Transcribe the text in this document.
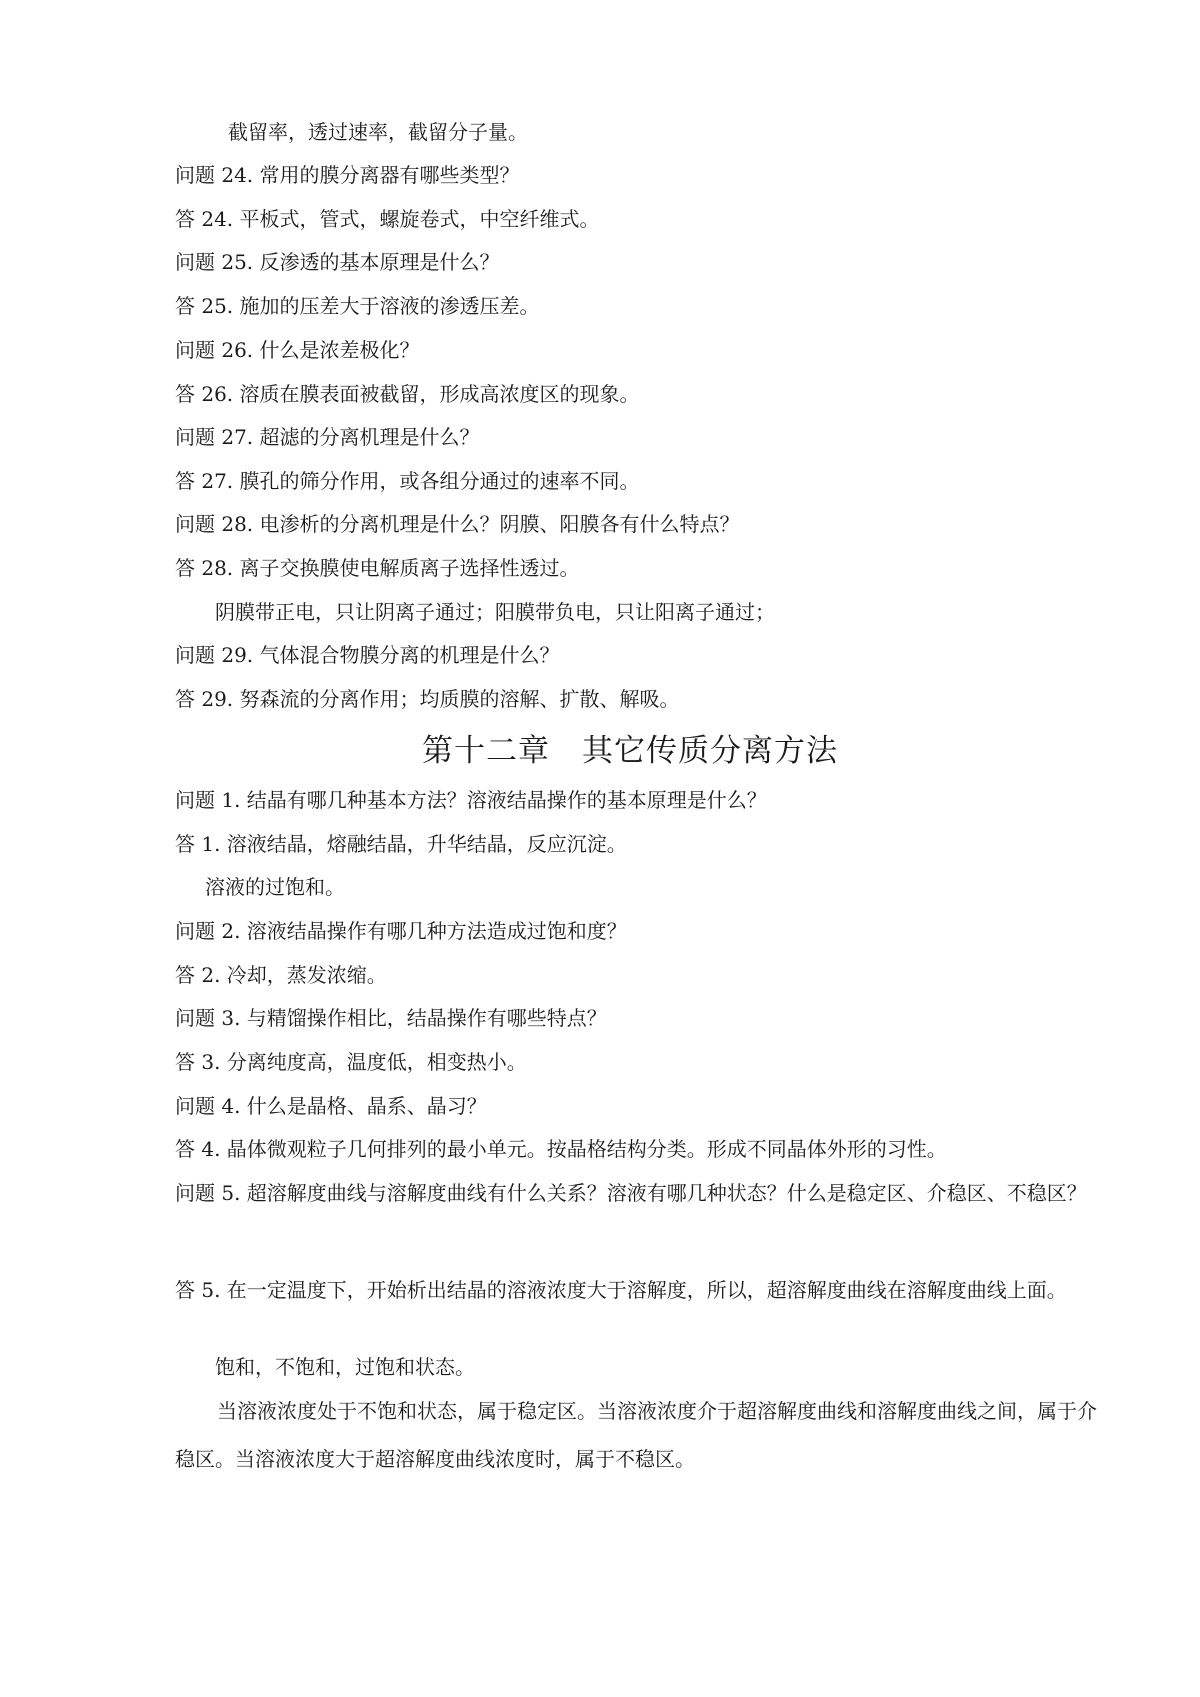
截留率，透过速率，截留分子量。
问题 24. 常用的膜分离器有哪些类型？
答 24. 平板式，管式，螺旋卷式，中空纤维式。
问题 25. 反渗透的基本原理是什么？
答 25. 施加的压差大于溶液的渗透压差。
问题 26. 什么是浓差极化？
答 26. 溶质在膜表面被截留，形成高浓度区的现象。
问题 27. 超滤的分离机理是什么？
答 27. 膜孔的筛分作用，或各组分通过的速率不同。
问题 28. 电渗析的分离机理是什么？阴膜、阳膜各有什么特点？
答 28. 离子交换膜使电解质离子选择性透过。
阴膜带正电，只让阴离子通过；阳膜带负电，只让阳离子通过；
问题 29. 气体混合物膜分离的机理是什么？
答 29. 努森流的分离作用；均质膜的溶解、扩散、解吸。
第十二章　其它传质分离方法
问题 1. 结晶有哪几种基本方法？溶液结晶操作的基本原理是什么？
答 1. 溶液结晶，熔融结晶，升华结晶，反应沉淀。
溶液的过饱和。
问题 2. 溶液结晶操作有哪几种方法造成过饱和度？
答 2. 冷却，蒸发浓缩。
问题 3. 与精馏操作相比，结晶操作有哪些特点？
答 3. 分离纯度高，温度低，相变热小。
问题 4. 什么是晶格、晶系、晶习？
答 4. 晶体微观粒子几何排列的最小单元。按晶格结构分类。形成不同晶体外形的习性。
问题 5. 超溶解度曲线与溶解度曲线有什么关系？溶液有哪几种状态？什么是稳定区、介稳区、不稳区？
答 5. 在一定温度下，开始析出结晶的溶液浓度大于溶解度，所以，超溶解度曲线在溶解度曲线上面。
饱和，不饱和，过饱和状态。
当溶液浓度处于不饱和状态，属于稳定区。当溶液浓度介于超溶解度曲线和溶解度曲线之间，属于介稳区。当溶液浓度大于超溶解度曲线浓度时，属于不稳区。
